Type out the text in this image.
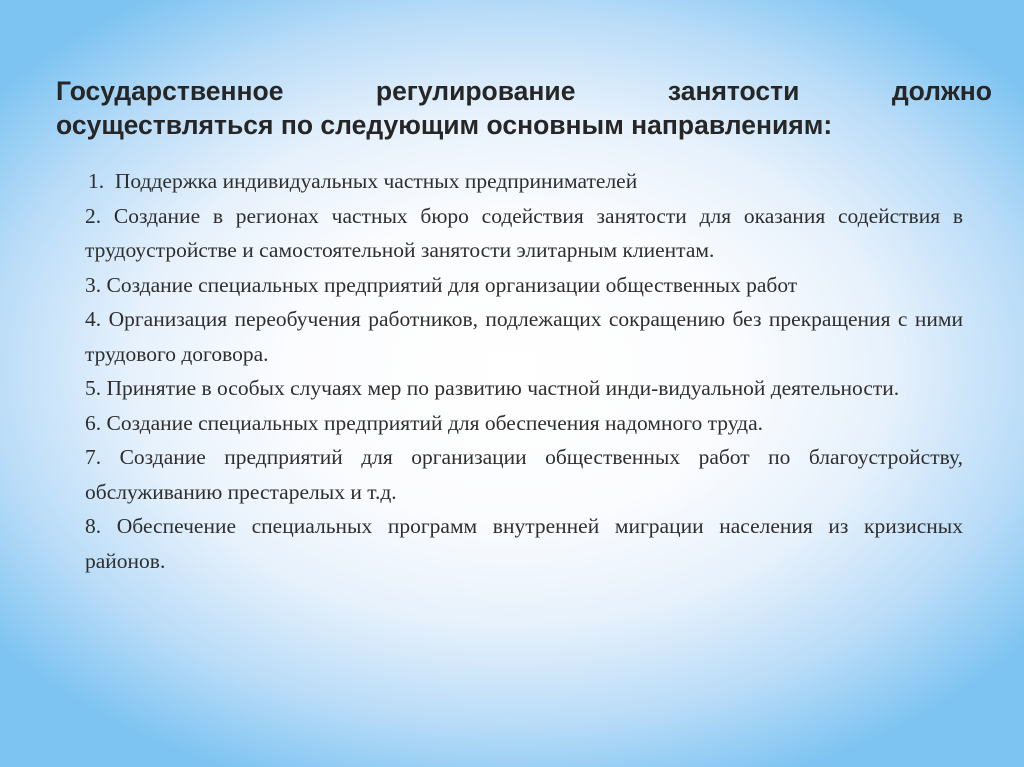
Государственное регулирование занятости должно
осуществляться по следующим основным направлениям:
1. Поддержка индивидуальных частных предпринимателей
2. Создание в регионах частных бюро содействия занятости для оказания содействия в трудоустройстве и самостоятельной занятости элитарным клиентам.
3. Создание специальных предприятий для организации общественных работ
4. Организация переобучения работников, подлежащих сокращению без прекращения с ними трудового договора.
5. Принятие в особых случаях мер по развитию частной инди-видуальной деятельности.
6. Создание специальных предприятий для обеспечения надомного труда.
7. Создание предприятий для организации общественных работ по благоустройству, обслуживанию престарелых и т.д.
8. Обеспечение специальных программ внутренней миграции населения из кризисных районов.
